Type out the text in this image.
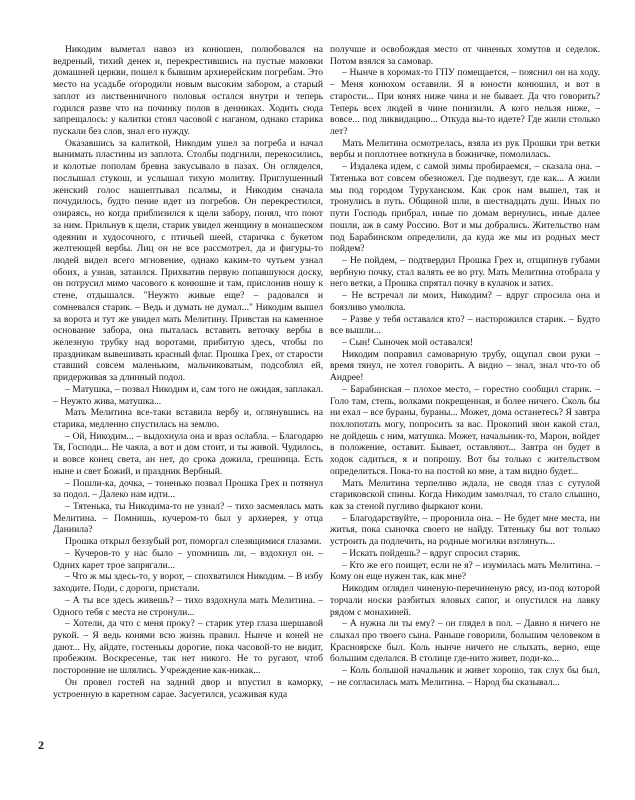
Никодим выметал навоз из конюшен, полюбовался на ведреный, тихий денек и, перекрестившись на пустые маковки домашней церкви, пошел к бывшим архиерейским погребам. Это место на усадьбе огородили новым высоким забором, а старый заплот из лиственничного половья остался внутри и теперь годился разве что на починку полов в денниках. Ходить сюда запрещалось: у калитки стоял часовой с наганом, однако старика пускали без слов, знал его нужду.

Оказавшись за калиткой, Никодим ушел за погреба и начал вынимать пластины из заплота. Столбы подгнили, перекосились, и колотые пополам бревна закусывало в пазах. Он огляделся, послышал стукош, и услышал тихую молитву. Приглушенный женский голос нашептывал псалмы, и Никодим сначала почудилось, будто пение идет из погребов. Он перекрестился, озираясь, но когда приблизился к щели забору, понял, что поют за ним. Прильнув к щели, старик увидел женщину в монашеском одеянии и худосочного, с птичьей шеей, старичка с букетом желтеющей вербы. Лиц он не все рассмотрел, да и фигуры-то людей видел всего мгновение, однако каким-то чутьем узнал обоих, а узнав, затаился. Прихватив первую попавшуюся доску, он потрусил мимо часового к конюшне и там, прислонив ношу к стене, отдышался. "Неужто живые еще? – радовался и сомневался старик. – Ведь и думать не думал..." Никодим вышел за ворота и тут же увидел мать Мелитину. Привстав на каменное основание забора, она пыталась вставить веточку вербы в железную трубку над воротами, прибитую здесь, чтобы по праздникам вывешивать красный флаг. Прошка Грех, от старости ставший совсем маленьким, мальчиковатым, подсоблял ей, придерживая за длинный подол.

– Матушка, – позвал Никодим и, сам того не ожидая, заплакал. – Неужто жива, матушка...

Мать Мелитина все-таки вставила вербу и, оглянувшись на старика, медленно спустилась на землю.

– Ой, Никодим... – выдохнула она и враз ослабла. – Благодарю Тя, Господи... Не чаяла, а вот и дом стоит, и ты живой. Чудилось, и вовсе конец света, ан нет, до срока дожила, грешница. Есть ныне и свет Божий, и праздник Вербный.

– Пошли-ка, дочка, – тоненько позвал Прошка Грех и потянул за подол. – Далеко нам идти...

– Тятенька, ты Никодима-то не узнал? – тихо засмеялась мать Мелитина. – Помнишь, кучером-то был у архиерея, у отца Даниила?

Прошка открыл беззубый рот, поморгал слезящимися глазами.

– Кучеров-то у нас было – упомнишь ли, – вздохнул он. – Одних карет трое запрягали...

– Что ж мы здесь-то, у ворот, – спохватился Никодим. – В избу заходите. Поди, с дороги, пристали.

– А ты все здесь живешь? – тихо вздохнула мать Мелитина. – Одного тебя с места не стронули...

– Хотели, да что с меня проку? – старик утер глаза шершавой рукой. – Я ведь конями всю жизнь правил. Нынче и коней не дают... Ну, айдате, гостенькы дорогие, пока часовой-то не видит, пробежим. Воскресенье, так нет никого. Не то ругают, чтоб посторонние не шлялись. Учреждение как-никак...

Он провел гостей на задний двор и впустил в каморку, устроенную в каретном сарае. Засуетился, усаживая куда

получше и освобождая место от чиненых хомутов и седелок. Потом взялся за самовар.

– Нынче в хоромах-то ГПУ помещается, – пояснил он на ходу. – Меня конюхом оставили. Я в юности конюшил, и вот в старости... При конях ниже чина и не бывает. Да что говорить? Теперь всех людей в чине понизили. А кого нельзя ниже, – вовсе... под ликвидацию... Откуда вы-то идете? Где жили столько лет?

Мать Мелитина осмотрелась, взяла из рук Прошки три ветки вербы и поплотнее воткнула в божничке, помолилась.

– Издалека идем, с самой зимы пробираемся, – сказала она. – Тятенька вот совсем обезножел. Где подвезут, где как... А жили мы под городом Туруханском. Как срок нам вышел, так и тронулись в путь. Общиной шли, в шестнадцать душ. Иных по пути Господь прибрал, иные по домам вернулись, иные далее пошли, аж в саму Россию. Вот и мы добрались. Жительство нам под Барабинском определили, да куда же мы из родных мест пойдем?

– Не пойдем, – подтвердил Прошка Грех и, отщипнув губами вербную почку, стал валять ее во рту. Мать Мелитина отобрала у него ветки, а Прошка спрятал почку в кулачок и затих.

– Не встречал ли моих, Никодим? – вдруг спросила она и боязливо умолкла.

– Разве у тебя оставался кто? – насторожился старик. – Будто все вышли...

– Сын! Сыночек мой оставался!

Никодим поправил самоварную трубу, ощупал свои руки – время тянул, не хотел говорить. А видно – знал, знал что-то об Андрее!

– Барабинская – плохое место, – горестно сообщил старик. – Голо там, степь, волками покрещенная, и более ничего. Сколь бы ни ехал – все бураны, бураны... Может, дома останетесь? Я завтра похлопотать могу, попросить за вас. Прокопий звон какой стал, не дойдешь с ним, матушка. Может, начальник-то, Марон, войдет в положение, оставит. Бывает, оставляют... Завтра он будет в ходок садиться, я и попрошу. Вот бы только с жительством определиться. Пока-то на постой ко мне, а там видно будет...

Мать Мелитина терпеливо ждала, не сводя глаз с сутулой стариковской спины. Когда Никодим замолчал, то стало слышно, как за стеной пугливо фыркают кони.

– Благодарствуйте, – проронила она. – Не будет мне места, ни житья, пока сыночка своего не найду. Тятеньку бы вот только устроить да подлечить, на родные могилки взглянуть...

– Искать пойдешь? – вдруг спросил старик.

– Кто же его поищет, если не я? – изумилась мать Мелитина. – Кому он еще нужен так, как мне?

Никодим оглядел чиненую-перечиненую рясу, из-под которой торчали носки разбитых яловых сапог, и опустился на лавку рядом с монахиней.

– А нужна ли ты ему? – он глядел в пол. – Давно я ничего не слыхал про твоего сына. Раньше говорили, большим человеком в Красноярске был. Коль нынче ничего не слыхать, верно, еще большим сделался. В столице где-нито живет, поди-ко...

– Коль большой начальник и живет хорошо, так слух бы был, – не согласилась мать Мелитина. – Народ бы сказывал...

2
